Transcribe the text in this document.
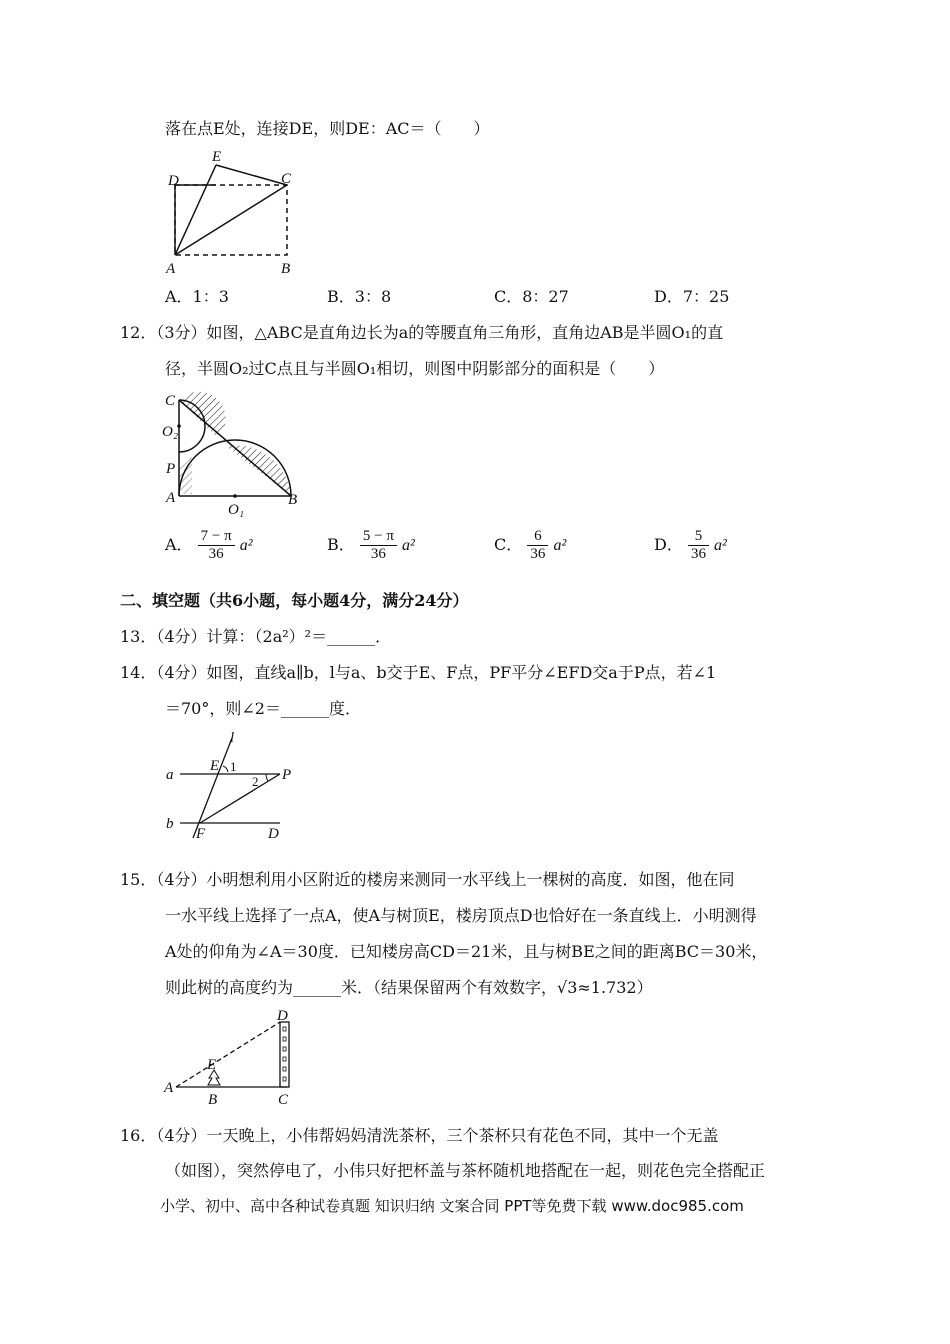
落在点E处，连接DE，则DE：AC＝（　　）
D
E
C
A	B
A．1：3	B．3：8	C．8：27	D．7：25
12．（3分）如图，△ABC是直角边长为a的等腰直角三角形，直角边AB是半圆O₁的直
径，半圆O₂过C点且与半圆O₁相切，则图中阴影部分的面积是（　　）
C
O₂
P
A
O₁
B
A． $\frac{7 - \pi}{36} a^2$	B． $\frac{5 - \pi}{36} a^2$	C． $\frac{6}{36} a^2$	D． $\frac{5}{36} a^2$
二、填空题（共6小题，每小题4分，满分24分）
13．（4分）计算：（2a²）²＝______．
14．（4分）如图，直线a∥b，l与a、b交于E、F点，PF平分∠EFD交a于P点，若∠1
＝70°，则∠2＝______度．
l
a
E 1
2 P
b
F	D
15．（4分）小明想利用小区附近的楼房来测同一水平线上一棵树的高度．如图，他在同
一水平线上选择了一点A，使A与树顶E，楼房顶点D也恰好在一条直线上．小明测得
A处的仰角为∠A＝30度．已知楼房高CD＝21米，且与树BE之间的距离BC＝30米，
则此树的高度约为______米．（结果保留两个有效数字，√3≈1.732）
D
E
A
B	C
16．（4分）一天晚上，小伟帮妈妈清洗茶杯，三个茶杯只有花色不同，其中一个无盖
（如图），突然停电了，小伟只好把杯盖与茶杯随机地搭配在一起，则花色完全搭配正
小学、初中、高中各种试卷真题 知识归纳 文案合同 PPT等免费下载 www.doc985.com
